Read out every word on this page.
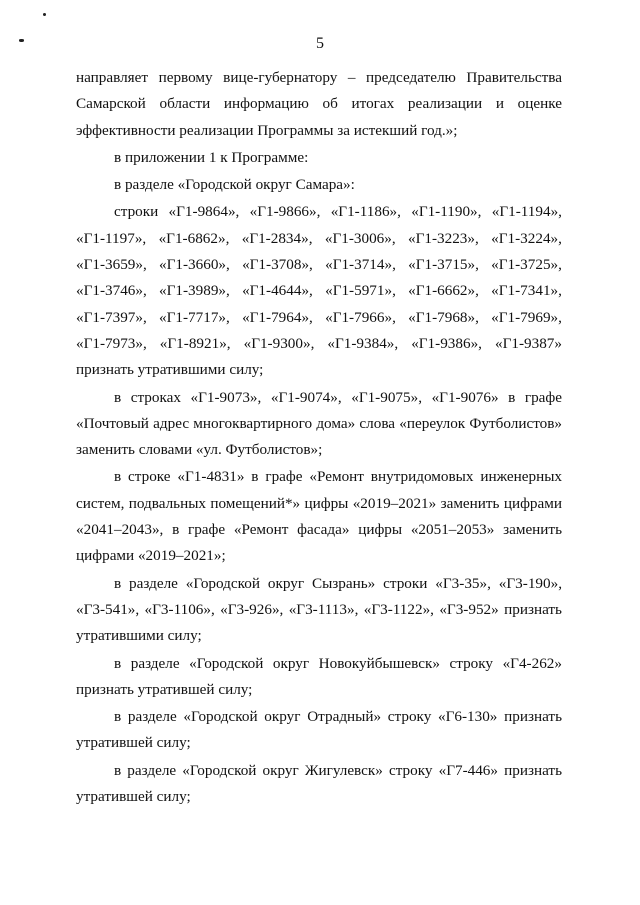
5

направляет первому вице-губернатору – председателю Правительства Самарской области информацию об итогах реализации и оценке эффективности реализации Программы за истекший год.»;

в приложении 1 к Программе:

в разделе «Городской округ Самара»:

строки «Г1-9864», «Г1-9866», «Г1-1186», «Г1-1190», «Г1-1194»,
«Г1-1197», «Г1-6862», «Г1-2834», «Г1-3006», «Г1-3223», «Г1-3224»,
«Г1-3659», «Г1-3660», «Г1-3708», «Г1-3714», «Г1-3715», «Г1-3725»,
«Г1-3746», «Г1-3989», «Г1-4644», «Г1-5971», «Г1-6662», «Г1-7341»,
«Г1-7397», «Г1-7717», «Г1-7964», «Г1-7966», «Г1-7968», «Г1-7969»,
«Г1-7973», «Г1-8921», «Г1-9300», «Г1-9384», «Г1-9386», «Г1-9387»

признать утратившими силу;

в строках «Г1-9073», «Г1-9074», «Г1-9075», «Г1-9076» в графе «Почтовый адрес многоквартирного дома» слова «переулок Футболистов» заменить словами «ул. Футболистов»;

в строке «Г1-4831» в графе «Ремонт внутридомовых инженерных систем, подвальных помещений*» цифры «2019–2021» заменить цифрами «2041–2043», в графе «Ремонт фасада» цифры «2051–2053» заменить цифрами «2019–2021»;

в разделе «Городской округ Сызрань» строки «Г3-35», «Г3-190», «Г3-541», «Г3-1106», «Г3-926», «Г3-1113», «Г3-1122», «Г3-952» признать утратившими силу;

в разделе «Городской округ Новокуйбышевск» строку «Г4-262» признать утратившей силу;

в разделе «Городской округ Отрадный» строку «Г6-130» признать утратившей силу;

в разделе «Городской округ Жигулевск» строку «Г7-446» признать утратившей силу;
